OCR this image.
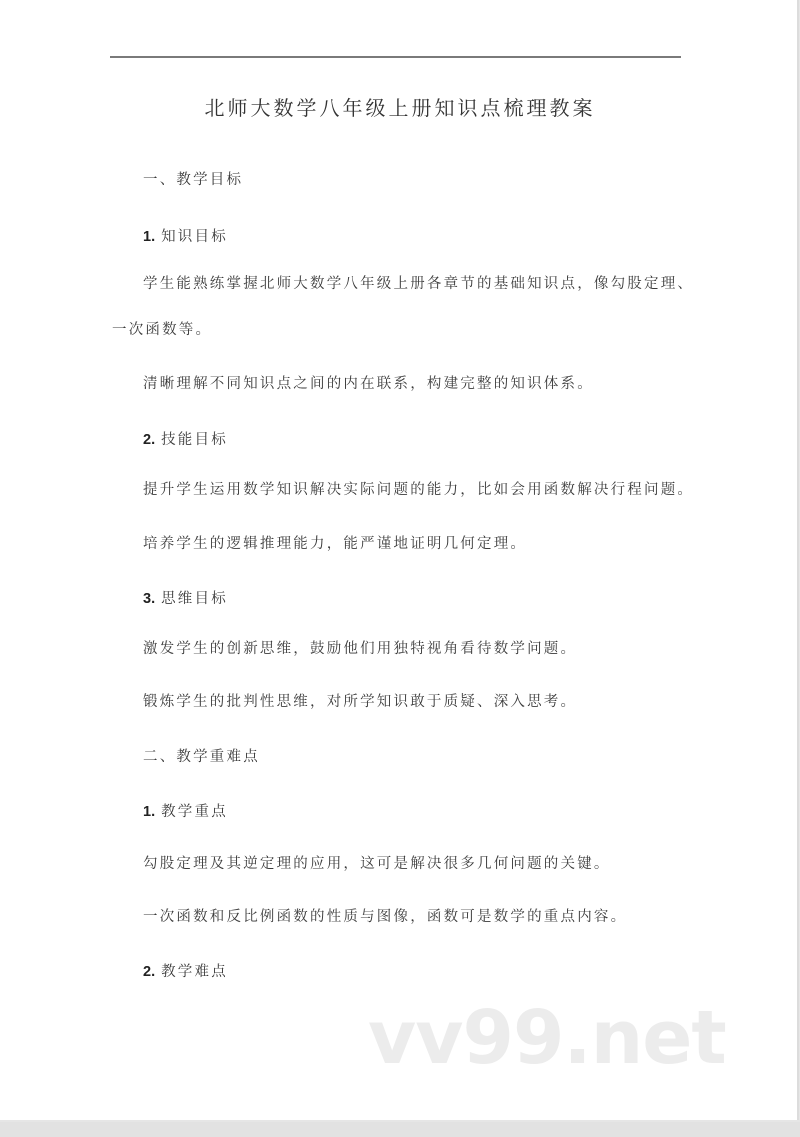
北师大数学八年级上册知识点梳理教案
一、教学目标
1. 知识目标
学生能熟练掌握北师大数学八年级上册各章节的基础知识点，像勾股定理、
一次函数等。
清晰理解不同知识点之间的内在联系，构建完整的知识体系。
2. 技能目标
提升学生运用数学知识解决实际问题的能力，比如会用函数解决行程问题。
培养学生的逻辑推理能力，能严谨地证明几何定理。
3. 思维目标
激发学生的创新思维，鼓励他们用独特视角看待数学问题。
锻炼学生的批判性思维，对所学知识敢于质疑、深入思考。
二、教学重难点
1. 教学重点
勾股定理及其逆定理的应用，这可是解决很多几何问题的关键。
一次函数和反比例函数的性质与图像，函数可是数学的重点内容。
2. 教学难点
vv99.net
